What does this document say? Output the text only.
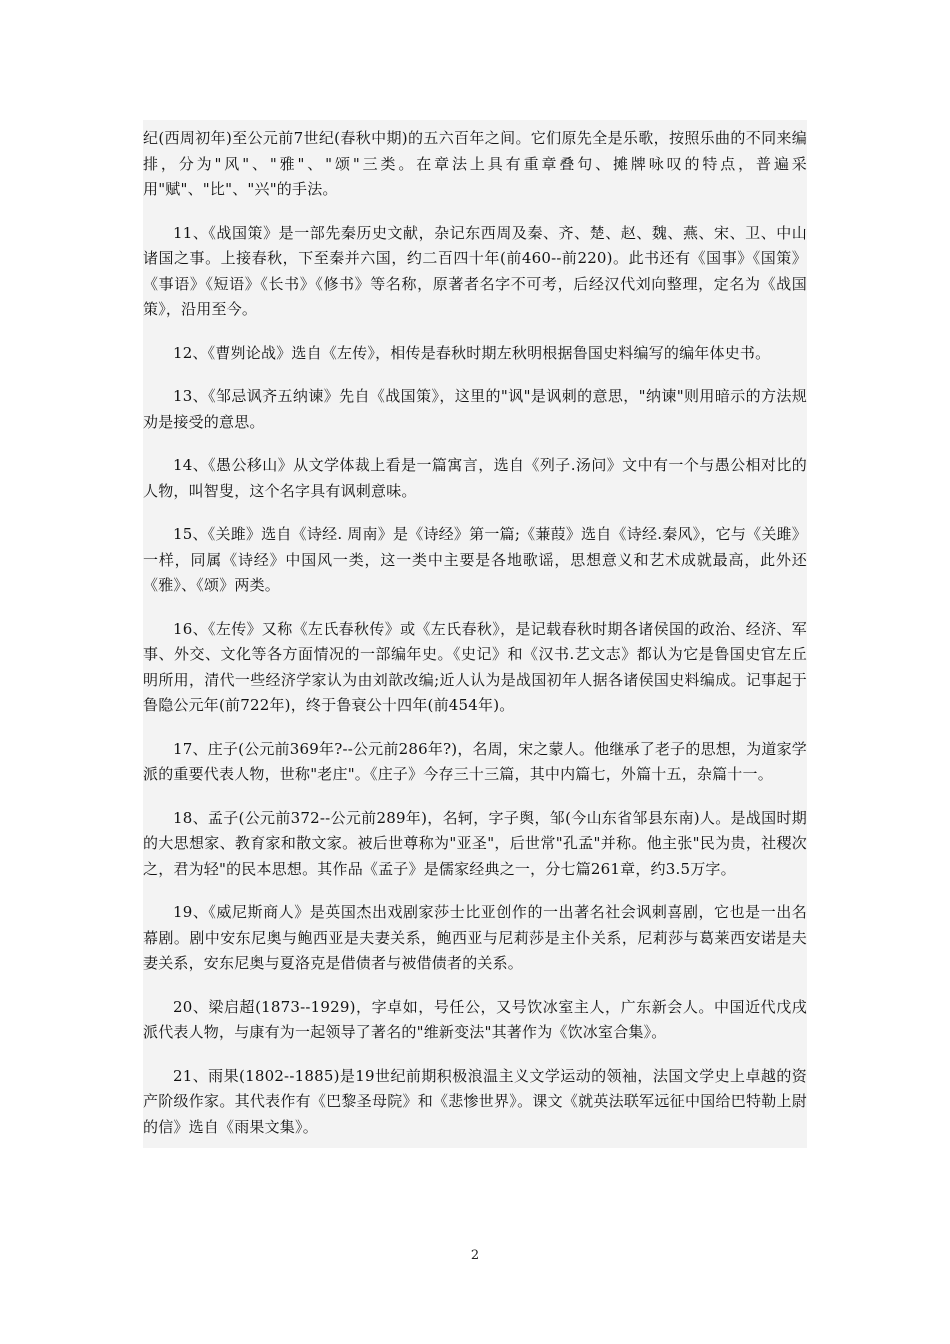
纪(西周初年)至公元前7世纪(春秋中期)的五六百年之间。它们原先全是乐歌，按照乐曲的不同来编排，分为"风"、"雅"、"颂"三类。在章法上具有重章叠句、摊牌咏叹的特点，普遍采用"赋"、"比"、"兴"的手法。

11、《战国策》是一部先秦历史文献，杂记东西周及秦、齐、楚、赵、魏、燕、宋、卫、中山诸国之事。上接春秋，下至秦并六国，约二百四十年(前460--前220)。此书还有《国事》《国策》《事语》《短语》《长书》《修书》等名称，原著者名字不可考，后经汉代刘向整理，定名为《战国策》，沿用至今。

12、《曹刿论战》选自《左传》，相传是春秋时期左秋明根据鲁国史料编写的编年体史书。

13、《邹忌讽齐五纳谏》先自《战国策》，这里的"讽"是讽刺的意思，"纳谏"则用暗示的方法规劝是接受的意思。

14、《愚公移山》从文学体裁上看是一篇寓言，选自《列子.汤问》文中有一个与愚公相对比的人物，叫智叟，这个名字具有讽刺意味。

15、《关雎》选自《诗经. 周南》是《诗经》第一篇;《蒹葭》选自《诗经.秦风》，它与《关雎》一样，同属《诗经》中国风一类，这一类中主要是各地歌谣，思想意义和艺术成就最高，此外还《雅》、《颂》两类。

16、《左传》又称《左氏春秋传》或《左氏春秋》，是记载春秋时期各诸侯国的政治、经济、军事、外交、文化等各方面情况的一部编年史。《史记》和《汉书.艺文志》都认为它是鲁国史官左丘明所用，清代一些经济学家认为由刘歆改编;近人认为是战国初年人据各诸侯国史料编成。记事起于鲁隐公元年(前722年)，终于鲁衰公十四年(前454年)。

17、庄子(公元前369年?--公元前286年?)，名周，宋之蒙人。他继承了老子的思想，为道家学派的重要代表人物，世称"老庄"。《庄子》今存三十三篇，其中内篇七，外篇十五，杂篇十一。

18、孟子(公元前372--公元前289年)，名轲，字子舆，邹(今山东省邹县东南)人。是战国时期的大思想家、教育家和散文家。被后世尊称为"亚圣"，后世常"孔孟"并称。他主张"民为贵，社稷次之，君为轻"的民本思想。其作品《孟子》是儒家经典之一，分七篇261章，约3.5万字。

19、《威尼斯商人》是英国杰出戏剧家莎士比亚创作的一出著名社会讽刺喜剧，它也是一出名幕剧。剧中安东尼奥与鲍西亚是夫妻关系，鲍西亚与尼莉莎是主仆关系，尼莉莎与葛莱西安诺是夫妻关系，安东尼奥与夏洛克是借债者与被借债者的关系。

20、梁启超(1873--1929)，字卓如，号任公，又号饮冰室主人，广东新会人。中国近代戊戌派代表人物，与康有为一起领导了著名的"维新变法"其著作为《饮冰室合集》。

21、雨果(1802--1885)是19世纪前期积极浪温主义文学运动的领袖，法国文学史上卓越的资产阶级作家。其代表作有《巴黎圣母院》和《悲惨世界》。课文《就英法联军远征中国给巴特勒上尉的信》选自《雨果文集》。

2
